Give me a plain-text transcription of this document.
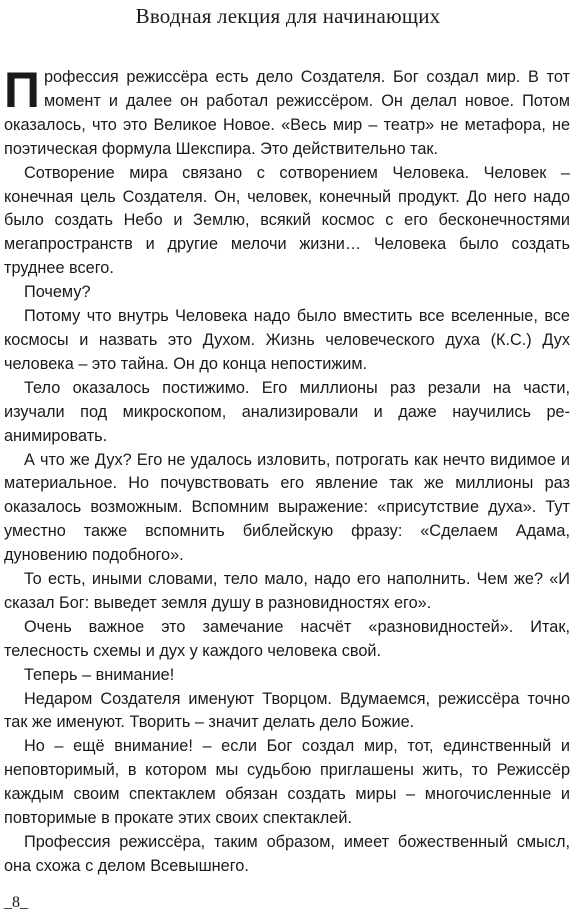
Вводная лекция для начинающих

Профессия режиссёра есть дело Создателя. Бог создал мир. В тот момент и далее он работал режиссёром. Он делал новое. Потом оказалось, что это Великое Новое. «Весь мир – театр» не метафора, не поэтическая формула Шекспира. Это действительно так.

Сотворение мира связано с сотворением Человека. Человек – конечная цель Создателя. Он, человек, конечный продукт. До него надо было создать Небо и Землю, всякий космос с его бесконечностями мегапространств и другие мелочи жизни… Человека было создать труднее всего.

Почему?

Потому что внутрь Человека надо было вместить все вселенные, все космосы и назвать это Духом. Жизнь человеческого духа (К.С.) Дух человека – это тайна. Он до конца непостижим.

Тело оказалось постижимо. Его миллионы раз резали на части, изучали под микроскопом, анализировали и даже научились реанимировать.

А что же Дух? Его не удалось изловить, потрогать как нечто видимое и материальное. Но почувствовать его явление так же миллионы раз оказалось возможным. Вспомним выражение: «присутствие духа». Тут уместно также вспомнить библейскую фразу: «Сделаем Адама, дуновению подобного».

То есть, иными словами, тело мало, надо его наполнить. Чем же? «И сказал Бог: выведет земля душу в разновидностях его».

Очень важное это замечание насчёт «разновидностей». Итак, телесность схемы и дух у каждого человека свой.

Теперь – внимание!

Недаром Создателя именуют Творцом. Вдумаемся, режиссёра точно так же именуют. Творить – значит делать дело Божие.

Но – ещё внимание! – если Бог создал мир, тот, единственный и неповторимый, в котором мы судьбою приглашены жить, то Режиссёр каждым своим спектаклем обязан создать миры – многочисленные и повторимые в прокате этих своих спектаклей.

Профессия режиссёра, таким образом, имеет божественный смысл, она схожа с делом Всевышнего.

_8_
